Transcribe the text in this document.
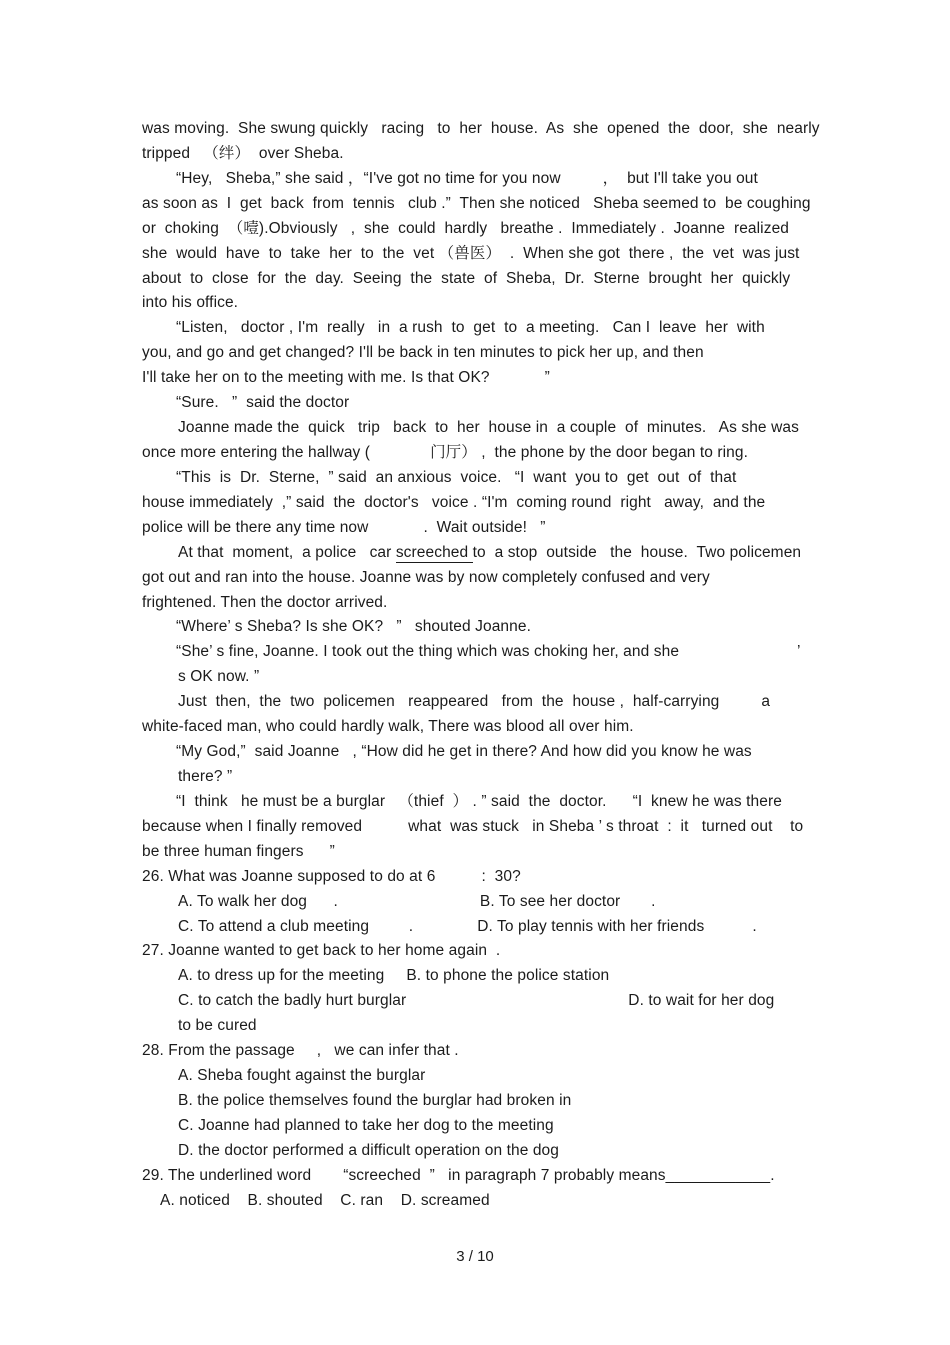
was moving.  She swung quickly   racing   to  her  house.  As  she  opened  the  door,  she  nearly
tripped   （绊）  over Sheba.
“Hey,   Sheba,” she said ，“I've got no time for you now	，  but I'll take you out
as soon as  I  get  back  from  tennis   club .”  Then she noticed   Sheba seemed to  be coughing
or  choking  （噎).Obviously   ,  she  could  hardly   breathe .  Immediately .  Joanne  realized
she  would  have  to  take  her  to  the  vet （兽医）  .  When she got  there ,  the  vet  was just
about  to  close  for  the  day.  Seeing  the  state  of  Sheba,  Dr.  Sterne  brought  her  quickly
into his office.
“Listen,   doctor , I'm  really   in  a rush  to  get  to  a meeting.   Can I  leave  her  with
you, and go and get changed? I'll be back in ten minutes to pick her up, and then
I'll take her on to the meeting with me. Is that OK?	”
“Sure.   ”  said the doctor
Joanne made the  quick   trip   back  to  her  house in  a couple  of  minutes.   As she was
once more entering the hallway (	门厅） ,  the phone by the door began to ring.
“This  is  Dr.  Sterne,  ” said  an anxious  voice.   “I  want  you to  get  out  of  that
house immediately  ,” said  the  doctor's   voice . “I'm  coming round  right   away,  and the
police will be there any time now	.  Wait outside!   ”
At that  moment,  a police   car screeched to  a stop  outside   the  house.  Two policemen
got out and ran into the house. Joanne was by now completely confused and very
frightened. Then the doctor arrived.
“Where’ s Sheba? Is she OK?   ”   shouted Joanne.
“She’ s fine, Joanne. I took out the thing which was choking her, and she	’
s OK now. ”
Just  then,  the  two  policemen   reappeared   from  the  house ,  half-carrying	a
white-faced man, who could hardly walk, There was blood all over him.
“My God,”  said Joanne   , “How did he get in there? And how did you know he was
there? ”
“I  think   he must be a burglar   （thief  ） . ” said  the  doctor. “I  knew he was there
because when I finally removed	what  was stuck   in Sheba ’ s throat  :  it   turned out    to
be three human fingers ”
26. What was Joanne supposed to do at 6	:  30?
A. To walk her dog      .	B. To see her doctor       .
C. To attend a club meeting         .	D. To play tennis with her friends	.
27. Joanne wanted to get back to her home again  .
A. to dress up for the meeting     B. to phone the police station
C. to catch the badly hurt burglar	D. to wait for her dog
to be cured
28. From the passage     ,   we can infer that .
A. Sheba fought against the burglar
B. the police themselves found the burglar had broken in
C. Joanne had planned to take her dog to the meeting
D. the doctor performed a difficult operation on the dog
29. The underlined word “screeched  ”   in paragraph 7 probably means____________.
A. noticed    B. shouted    C. ran    D. screamed
3 / 10
